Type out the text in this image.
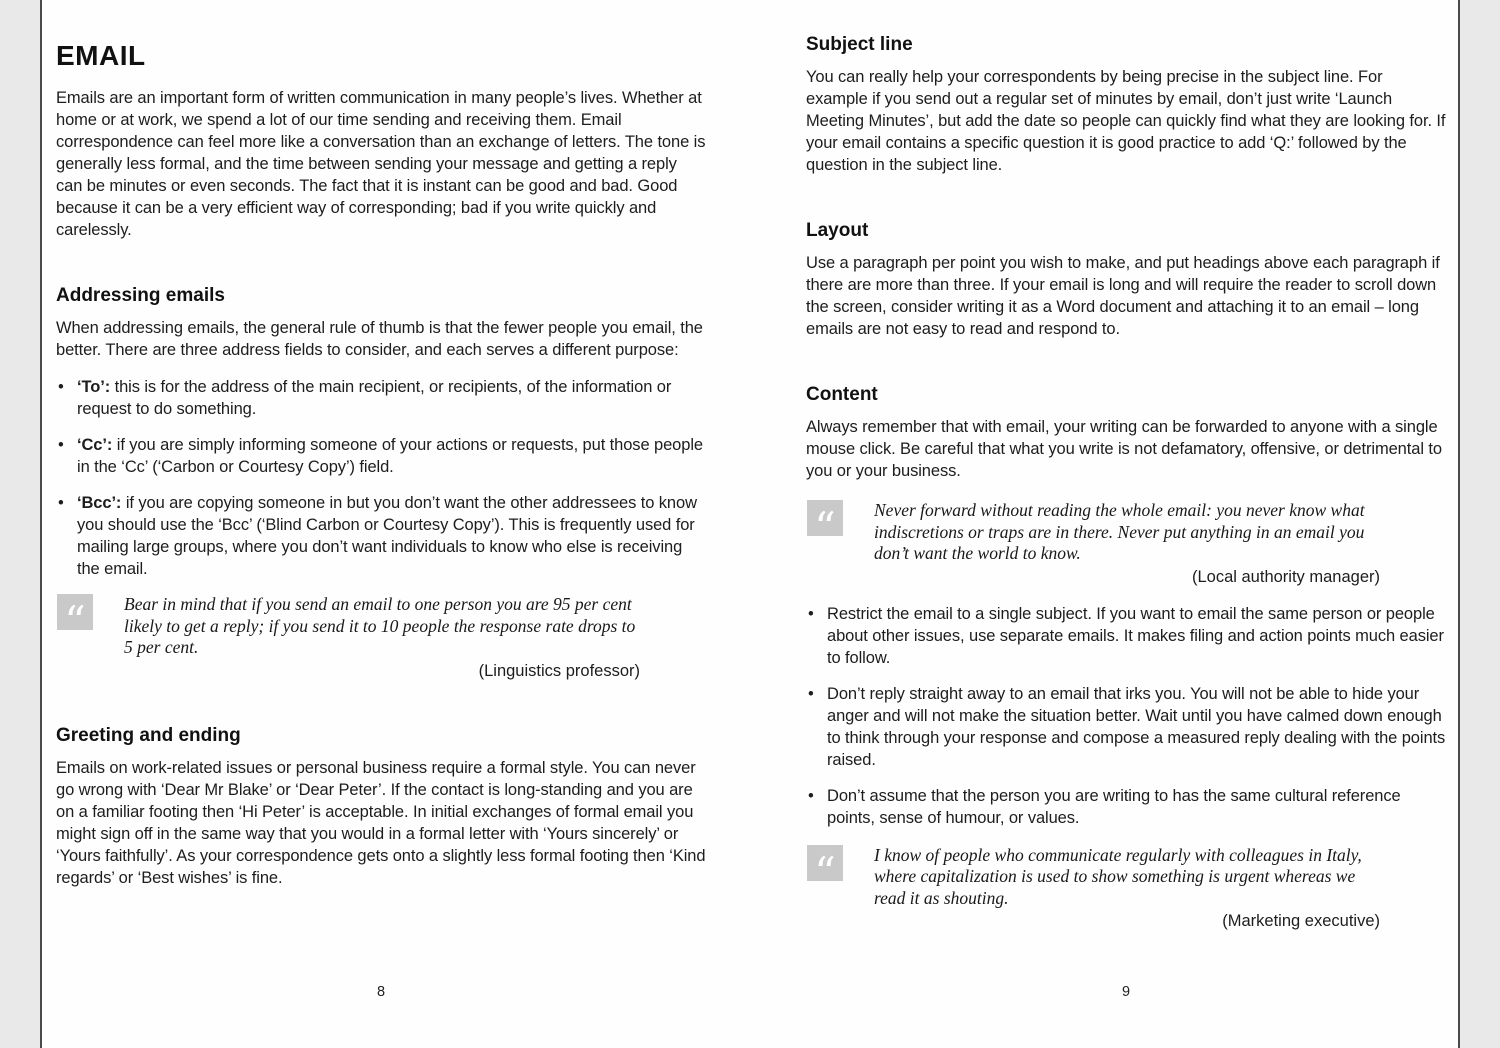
EMAIL

Emails are an important form of written communication in many people’s lives. Whether at home or at work, we spend a lot of our time sending and receiving them. Email correspondence can feel more like a conversation than an exchange of letters. The tone is generally less formal, and the time between sending your message and getting a reply can be minutes or even seconds. The fact that it is instant can be good and bad. Good because it can be a very efficient way of corresponding; bad if you write quickly and carelessly.

Addressing emails

When addressing emails, the general rule of thumb is that the fewer people you email, the better. There are three address fields to consider, and each serves a different purpose:

• ‘To’: this is for the address of the main recipient, or recipients, of the information or request to do something.
• ‘Cc’: if you are simply informing someone of your actions or requests, put those people in the ‘Cc’ (‘Carbon or Courtesy Copy’) field.
• ‘Bcc’: if you are copying someone in but you don’t want the other addressees to know you should use the ‘Bcc’ (‘Blind Carbon or Courtesy Copy’). This is frequently used for mailing large groups, where you don’t want individuals to know who else is receiving the email.
“	Bear in mind that if you send an email to one person you are 95 per cent likely to get a reply; if you send it to 10 people the response rate drops to 5 per cent.

(Linguistics professor)
Greeting and ending

Emails on work-related issues or personal business require a formal style. You can never go wrong with ‘Dear Mr Blake’ or ‘Dear Peter’. If the contact is long-standing and you are on a familiar footing then ‘Hi Peter’ is acceptable. In initial exchanges of formal email you might sign off in the same way that you would in a formal letter with ‘Yours sincerely’ or ‘Yours faithfully’. As your correspondence gets onto a slightly less formal footing then ‘Kind regards’ or ‘Best wishes’ is fine.

8
Subject line

You can really help your correspondents by being precise in the subject line. For example if you send out a regular set of minutes by email, don’t just write ‘Launch Meeting Minutes’, but add the date so people can quickly find what they are looking for. If your email contains a specific question it is good practice to add ‘Q:’ followed by the question in the subject line.

Layout

Use a paragraph per point you wish to make, and put headings above each paragraph if there are more than three. If your email is long and will require the reader to scroll down the screen, consider writing it as a Word document and attaching it to an email – long emails are not easy to read and respond to.

Content

Always remember that with email, your writing can be forwarded to anyone with a single mouse click. Be careful that what you write is not defamatory, offensive, or detrimental to you or your business.

“	Never forward without reading the whole email: you never know what indiscretions or traps are in there. Never put anything in an email you don’t want the world to know.

(Local authority manager)
• Restrict the email to a single subject. If you want to email the same person or people about other issues, use separate emails. It makes filing and action points much easier to follow.
• Don’t reply straight away to an email that irks you. You will not be able to hide your anger and will not make the situation better. Wait until you have calmed down enough to think through your response and compose a measured reply dealing with the points raised.
• Don’t assume that the person you are writing to has the same cultural reference points, sense of humour, or values.
“	I know of people who communicate regularly with colleagues in Italy, where capitalization is used to show something is urgent whereas we read it as shouting.

(Marketing executive)
9
